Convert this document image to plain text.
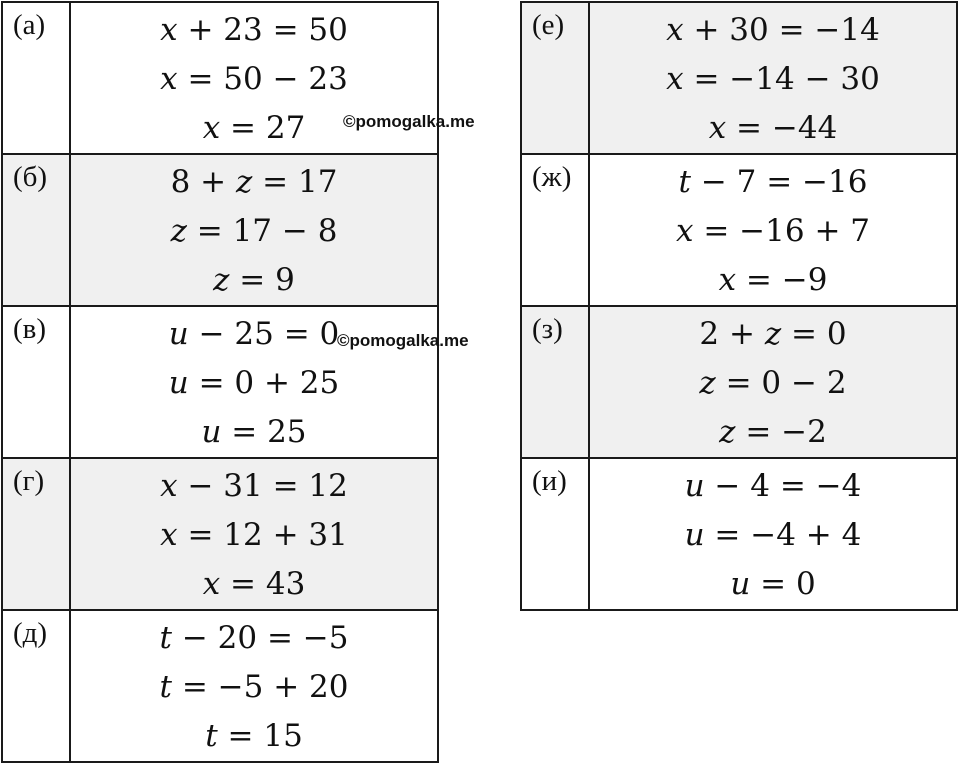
(а)	𝑥 + 23 = 50
𝑥 = 50 − 23
𝑥 = 27

(б)	8 + 𝑧 = 17
𝑧 = 17 − 8
𝑧 = 9

(в)	𝑢 − 25 = 0
𝑢 = 0 + 25
𝑢 = 25

(г)	𝑥 − 31 = 12
𝑥 = 12 + 31
𝑥 = 43

(д)	𝑡 − 20 = −5
𝑡 = −5 + 20
𝑡 = 15
(е)	𝑥 + 30 = −14
𝑥 = −14 − 30
𝑥 = −44

(ж)	𝑡 − 7 = −16
𝑥 = −16 + 7
𝑥 = −9

(з)	2 + 𝑧 = 0
𝑧 = 0 − 2
𝑧 = −2

(и)	𝑢 − 4 = −4
𝑢 = −4 + 4
𝑢 = 0
©pomogalka.me
©pomogalka.me
